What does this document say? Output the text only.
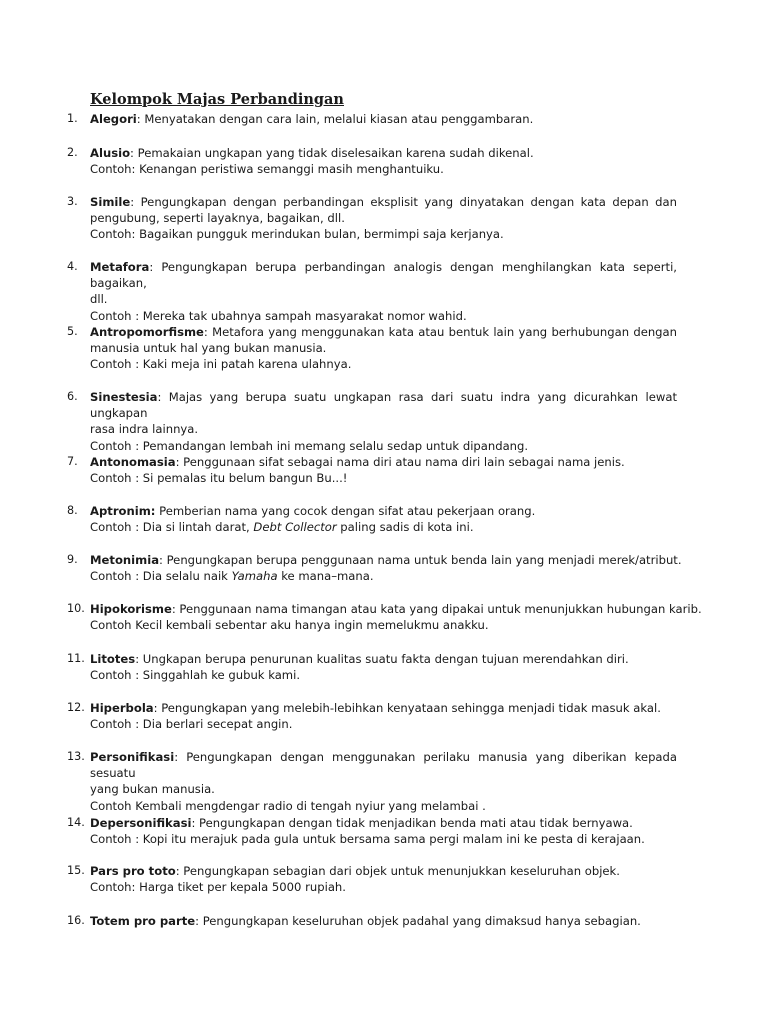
Kelompok Majas Perbandingan
1. Alegori: Menyatakan dengan cara lain, melalui kiasan atau penggambaran.
2. Alusio: Pemakaian ungkapan yang tidak diselesaikan karena sudah dikenal.
Contoh: Kenangan peristiwa semanggi masih menghantuiku.
3. Simile: Pengungkapan dengan perbandingan eksplisit yang dinyatakan dengan kata depan dan
pengubung, seperti layaknya, bagaikan, dll.
Contoh: Bagaikan pungguk merindukan bulan, bermimpi saja kerjanya.
4. Metafora: Pengungkapan berupa perbandingan analogis dengan menghilangkan kata seperti, bagaikan,
dll.
Contoh : Mereka tak ubahnya sampah masyarakat nomor wahid.
5. Antropomorfisme: Metafora yang menggunakan kata atau bentuk lain yang berhubungan dengan
manusia untuk hal yang bukan manusia.
Contoh : Kaki meja ini patah karena ulahnya.
6. Sinestesia: Majas yang berupa suatu ungkapan rasa dari suatu indra yang dicurahkan lewat ungkapan
rasa indra lainnya.
Contoh : Pemandangan lembah ini memang selalu sedap untuk dipandang.
7. Antonomasia: Penggunaan sifat sebagai nama diri atau nama diri lain sebagai nama jenis.
Contoh : Si pemalas itu belum bangun Bu...!
8. Aptronim: Pemberian nama yang cocok dengan sifat atau pekerjaan orang.
Contoh : Dia si lintah darat, Debt Collector paling sadis di kota ini.
9. Metonimia: Pengungkapan berupa penggunaan nama untuk benda lain yang menjadi merek/atribut.
Contoh : Dia selalu naik Yamaha ke mana–mana.
10. Hipokorisme: Penggunaan nama timangan atau kata yang dipakai untuk menunjukkan hubungan karib.
Contoh Kecil kembali sebentar aku hanya ingin memelukmu anakku.
11. Litotes: Ungkapan berupa penurunan kualitas suatu fakta dengan tujuan merendahkan diri.
Contoh : Singgahlah ke gubuk kami.
12. Hiperbola: Pengungkapan yang melebih-lebihkan kenyataan sehingga menjadi tidak masuk akal.
Contoh : Dia berlari secepat angin.
13. Personifikasi: Pengungkapan dengan menggunakan perilaku manusia yang diberikan kepada sesuatu
yang bukan manusia.
Contoh Kembali mengdengar radio di tengah nyiur yang melambai .
14. Depersonifikasi: Pengungkapan dengan tidak menjadikan benda mati atau tidak bernyawa.
Contoh : Kopi itu merajuk pada gula untuk bersama sama pergi malam ini ke pesta di kerajaan.
15. Pars pro toto: Pengungkapan sebagian dari objek untuk menunjukkan keseluruhan objek.
Contoh: Harga tiket per kepala 5000 rupiah.
16. Totem pro parte: Pengungkapan keseluruhan objek padahal yang dimaksud hanya sebagian.
